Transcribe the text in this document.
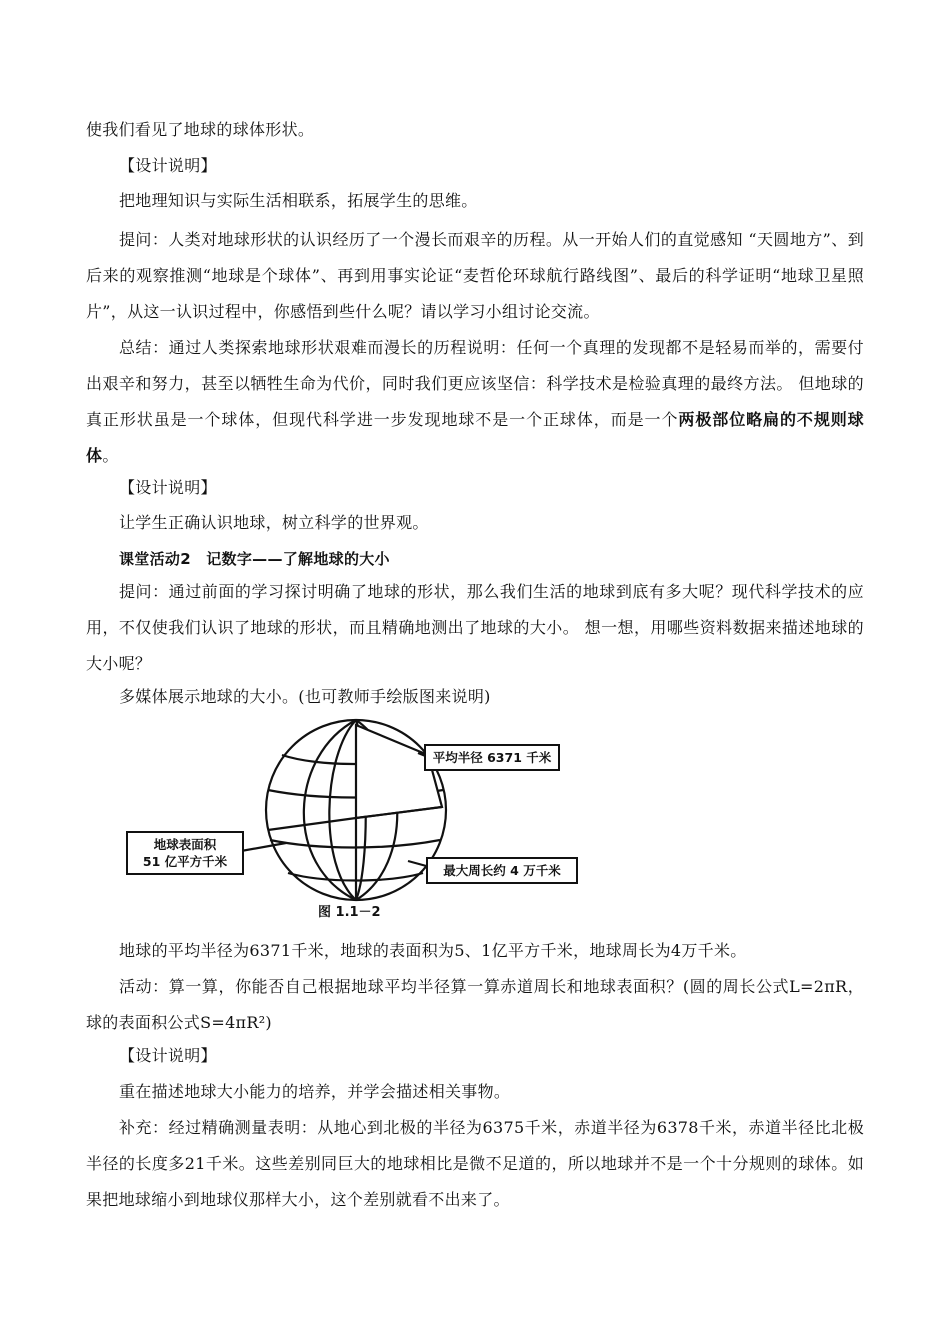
使我们看见了地球的球体形状。

【设计说明】

把地理知识与实际生活相联系，拓展学生的思维。

提问：人类对地球形状的认识经历了一个漫长而艰辛的历程。从一开始人们的直觉感知 “天圆地方”、到后来的观察推测“地球是个球体”、再到用事实论证“麦哲伦环球航行路线图”、最后的科学证明“地球卫星照片”，从这一认识过程中，你感悟到些什么呢？请以学习小组讨论交流。

总结：通过人类探索地球形状艰难而漫长的历程说明：任何一个真理的发现都不是轻易而举的，需要付出艰辛和努力，甚至以牺牲生命为代价，同时我们更应该坚信：科学技术是检验真理的最终方法。 但地球的真正形状虽是一个球体，但现代科学进一步发现地球不是一个正球体，而是一个两极部位略扁的不规则球体。

【设计说明】

让学生正确认识地球，树立科学的世界观。

课堂活动2　记数字——了解地球的大小

提问：通过前面的学习探讨明确了地球的形状，那么我们生活的地球到底有多大呢？现代科学技术的应用，不仅使我们认识了地球的形状，而且精确地测出了地球的大小。 想一想，用哪些资料数据来描述地球的大小呢？

多媒体展示地球的大小。(也可教师手绘版图来说明)

平均半径 6371 千米
地球表面积
51 亿平方千米
最大周长约 4 万千米
图 1.1－2

地球的平均半径为6371千米，地球的表面积为5、1亿平方千米，地球周长为4万千米。

活动：算一算，你能否自己根据地球平均半径算一算赤道周长和地球表面积？(圆的周长公式L=2πR，球的表面积公式S=4πR²)

【设计说明】

重在描述地球大小能力的培养，并学会描述相关事物。

补充：经过精确测量表明：从地心到北极的半径为6375千米，赤道半径为6378千米，赤道半径比北极半径的长度多21千米。这些差别同巨大的地球相比是微不足道的，所以地球并不是一个十分规则的球体。如果把地球缩小到地球仪那样大小，这个差别就看不出来了。
